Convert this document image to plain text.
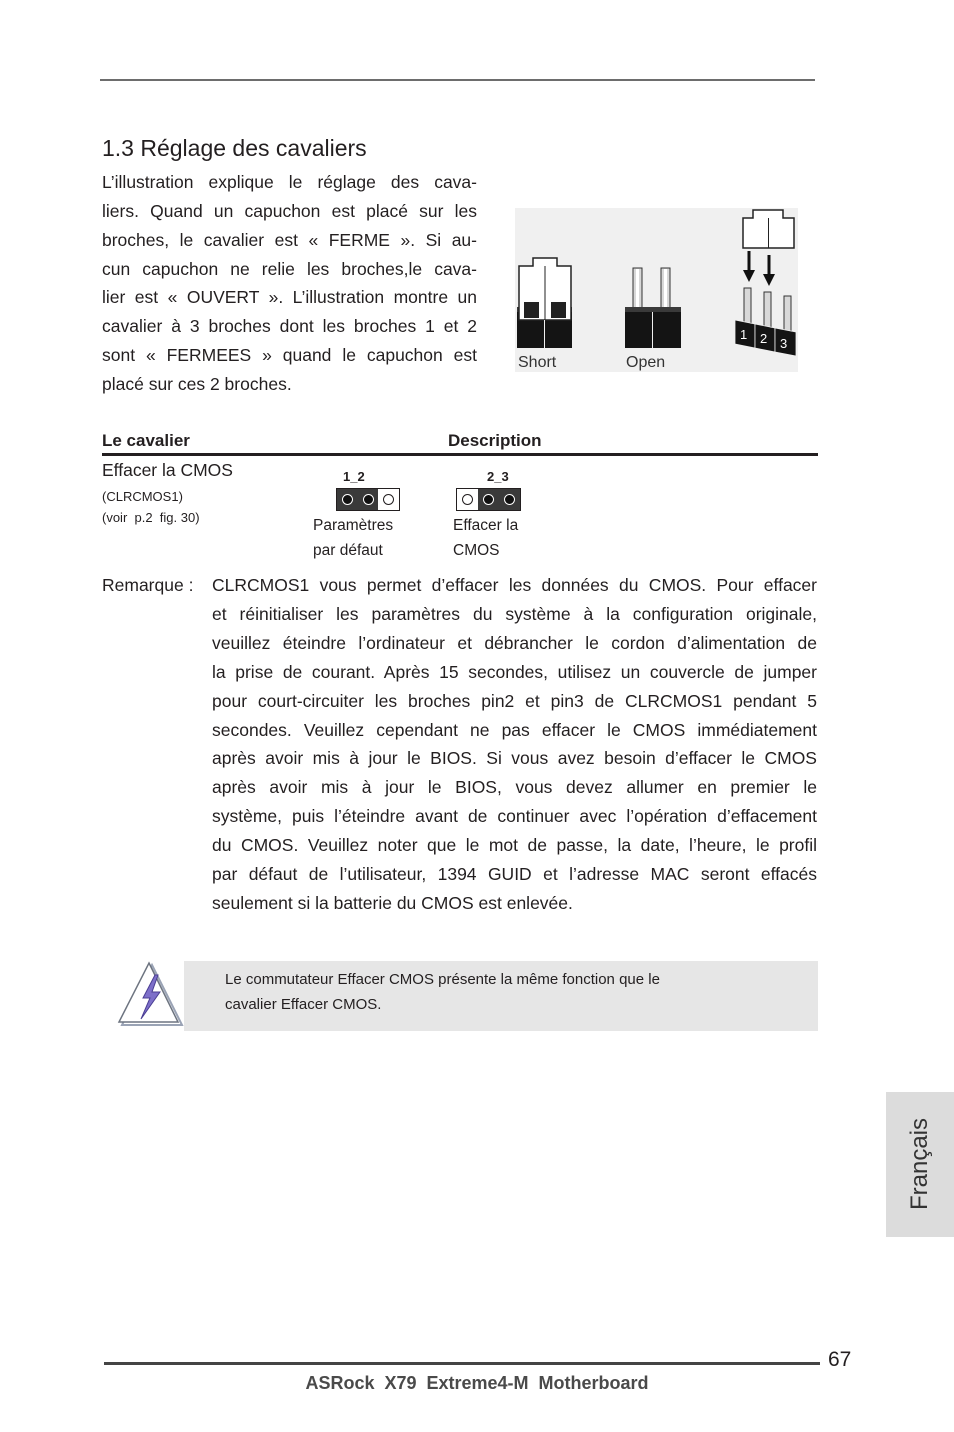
1.3 Réglage des cavaliers
L’illustration explique le réglage des cava-
liers. Quand un capuchon est placé sur les
broches, le cavalier est « FERME ». Si au-
cun capuchon ne relie les broches,le cava-
lier est « OUVERT ». L’illustration montre un
cavalier à 3 broches dont les broches 1 et 2
sont « FERMEES » quand le capuchon est
placé sur ces 2 broches.
Short	Open
1 2 3
Le cavalier	Description
Effacer la CMOS
(CLRCMOS1)
(voir  p.2  fig. 30)
1_2
Paramètres
par défaut
2_3
Effacer la
CMOS
Remarque : CLRCMOS1 vous permet d’effacer les données du CMOS. Pour effacer
et réinitialiser les paramètres du système à la configuration originale,
veuillez éteindre l’ordinateur et débrancher le cordon d’alimentation de
la prise de courant. Après 15 secondes, utilisez un couvercle de jumper
pour court-circuiter les broches pin2 et pin3 de CLRCMOS1 pendant 5
secondes. Veuillez cependant ne pas effacer le CMOS immédiatement
après avoir mis à jour le BIOS. Si vous avez besoin d’effacer le CMOS
après avoir mis à jour le BIOS, vous devez allumer en premier le
système, puis l’éteindre avant de continuer avec l’opération d’effacement
du CMOS. Veuillez noter que le mot de passe, la date, l’heure, le profil
par défaut de l’utilisateur, 1394 GUID et l’adresse MAC seront effacés
seulement si la batterie du CMOS est enlevée.
Le commutateur Effacer CMOS présente la même fonction que le
cavalier Effacer CMOS.
Français
67
ASRock  X79  Extreme4-M  Motherboard
